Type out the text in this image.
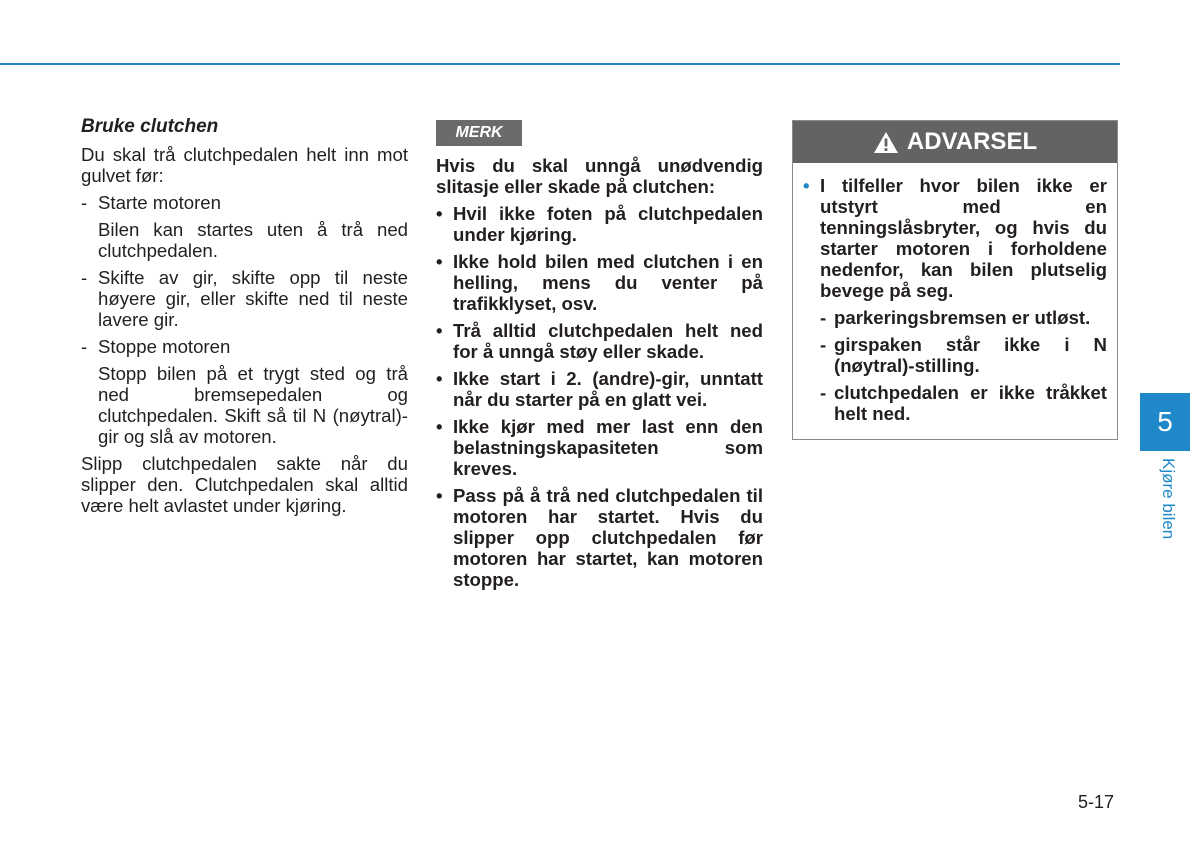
Bruke clutchen

Du skal trå clutchpedalen helt inn mot gulvet før:

- Starte motoren
Bilen kan startes uten å trå ned clutchpedalen.
- Skifte av gir, skifte opp til neste høyere gir, eller skifte ned til neste lavere gir.
- Stoppe motoren
Stopp bilen på et trygt sted og trå ned bremsepedalen og clutchpedalen. Skift så til N (nøytral)-gir og slå av motoren.

Slipp clutchpedalen sakte når du slipper den. Clutchpedalen skal alltid være helt avlastet under kjøring.

MERK
Hvis du skal unngå unødvendig slitasje eller skade på clutchen:
• Hvil ikke foten på clutchpedalen under kjøring.
• Ikke hold bilen med clutchen i en helling, mens du venter på trafikklyset, osv.
• Trå alltid clutchpedalen helt ned for å unngå støy eller skade.
• Ikke start i 2. (andre)-gir, unntatt når du starter på en glatt vei.
• Ikke kjør med mer last enn den belastningskapasiteten som kreves.
• Pass på å trå ned clutchpedalen til motoren har startet. Hvis du slipper opp clutchpedalen før motoren har startet, kan motoren stoppe.
ADVARSEL
• I tilfeller hvor bilen ikke er utstyrt med en tenningslåsbryter, og hvis du starter motoren i forholdene nedenfor, kan bilen plutselig bevege på seg.
- parkeringsbremsen er utløst.
- girspaken står ikke i N (nøytral)-stilling.
- clutchpedalen er ikke tråkket helt ned.	5
Kjøre bilen
5-17
